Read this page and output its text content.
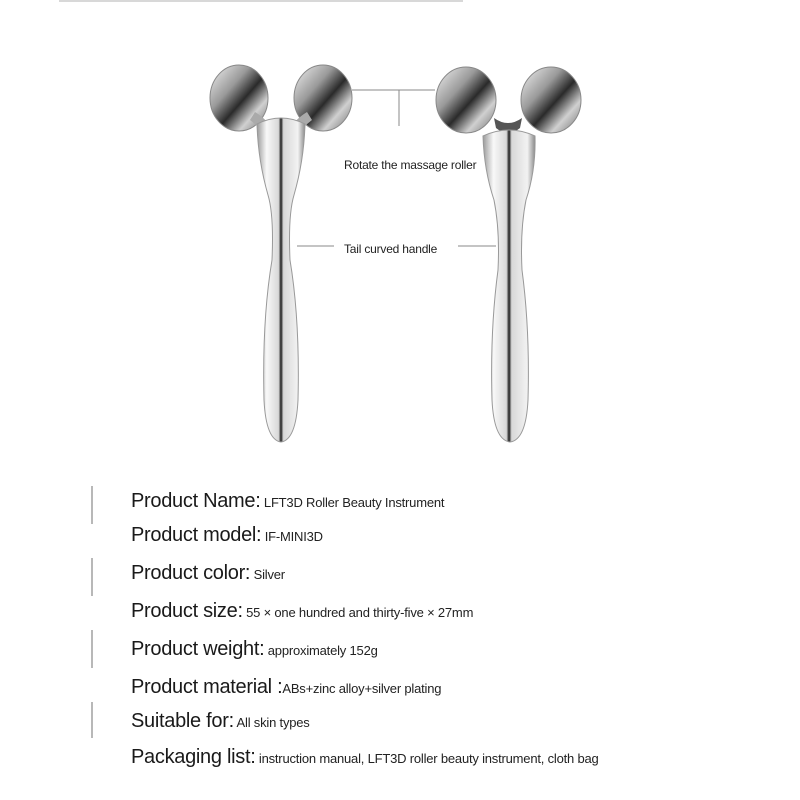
Rotate the massage roller
Tail curved handle
Product Name: LFT3D Roller Beauty Instrument
Product model: IF-MINI3D
Product color: Silver
Product size: 55 × one hundred and thirty-five × 27mm
Product weight: approximately 152g
Product material :ABs+zinc alloy+silver plating
Suitable for: All skin types
Packaging list: instruction manual, LFT3D roller beauty instrument, cloth bag
